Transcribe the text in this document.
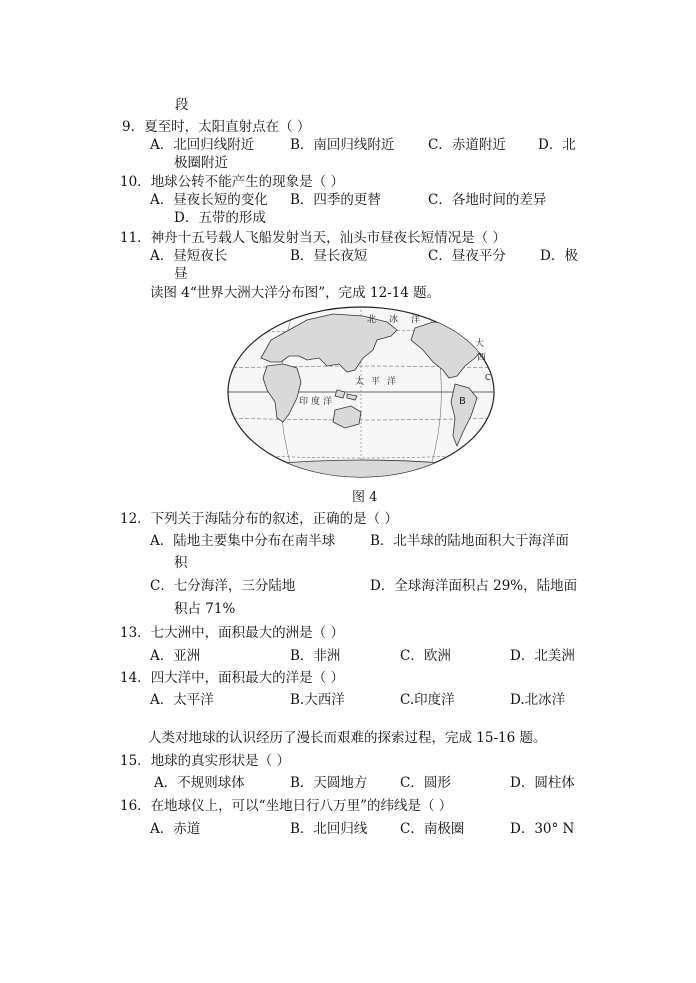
段
9．夏至时，太阳直射点在（ ）
A．北回归线附近	B．南回归线附近 C．赤道附近 D．北
极圈附近
10．地球公转不能产生的现象是（ ）
A．昼夜长短的变化 B．四季的更替	C．各地时间的差异
D．五带的形成
11．神舟十五号载人飞船发射当天，汕头市昼夜长短情况是（ ）
A．昼短夜长	B．昼长夜短	C．昼夜平分	D．极
昼
读图 4“世界大洲大洋分布图”，完成 12-14 题。
北 冰 洋
太 平 洋
印 度 洋
大
西
B
C
图 4
12．下列关于海陆分布的叙述，正确的是（ ）
A．陆地主要集中分布在南半球	B．北半球的陆地面积大于海洋面
积
C．七分海洋，三分陆地	D．全球海洋面积占 29%，陆地面
积占 71%
13．七大洲中，面积最大的洲是（ ）
A．亚洲	B．非洲	C．欧洲	D．北美洲
14．四大洋中，面积最大的洋是（ ）
A．太平洋	B.大西洋	C.印度洋	D.北冰洋
人类对地球的认识经历了漫长而艰难的探索过程，完成 15-16 题。
15．地球的真实形状是（ ）
A．不规则球体	B．天圆地方 C．圆形	D．圆柱体
16．在地球仪上，可以“坐地日行八万里”的纬线是（ ）
A．赤道	B．北回归线 C．南极圈	D．30° N
